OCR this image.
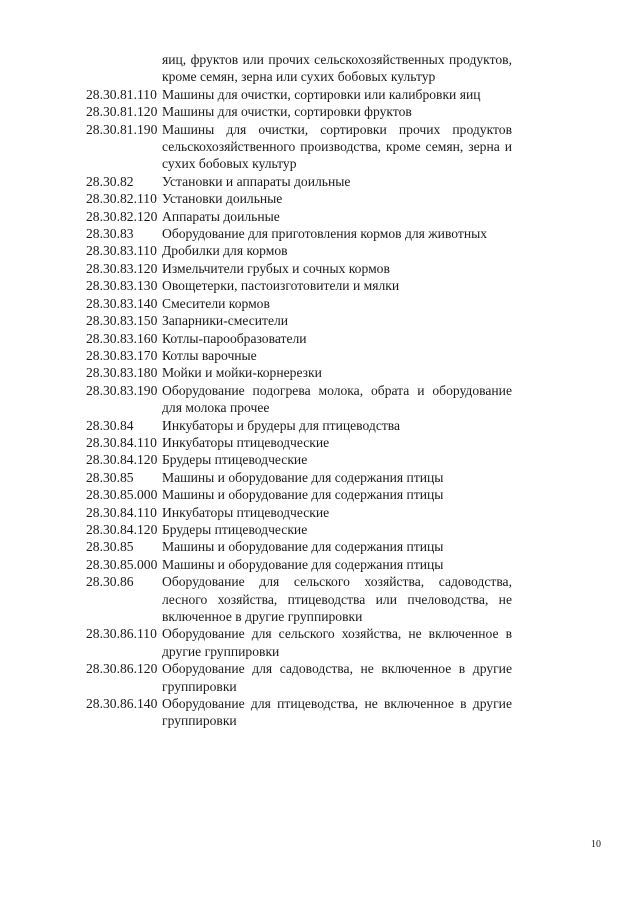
яиц, фруктов или прочих сельскохозяйственных продуктов, кроме семян, зерна или сухих бобовых культур
28.30.81.110 Машины для очистки, сортировки или калибровки яиц
28.30.81.120 Машины для очистки, сортировки фруктов
28.30.81.190 Машины для очистки, сортировки прочих продуктов сельскохозяйственного производства, кроме семян, зерна и сухих бобовых культур
28.30.82	Установки и аппараты доильные
28.30.82.110 Установки доильные
28.30.82.120 Аппараты доильные
28.30.83	Оборудование для приготовления кормов для животных
28.30.83.110 Дробилки для кормов
28.30.83.120 Измельчители грубых и сочных кормов
28.30.83.130 Овощетерки, пастоизготовители и мялки
28.30.83.140 Смесители кормов
28.30.83.150 Запарники-смесители
28.30.83.160 Котлы-парообразователи
28.30.83.170 Котлы варочные
28.30.83.180 Мойки и мойки-корнерезки
28.30.83.190 Оборудование подогрева молока, обрата и оборудование для молока прочее
28.30.84	Инкубаторы и брудеры для птицеводства
28.30.84.110 Инкубаторы птицеводческие
28.30.84.120 Брудеры птицеводческие
28.30.85	Машины и оборудование для содержания птицы
28.30.85.000 Машины и оборудование для содержания птицы
28.30.84.110 Инкубаторы птицеводческие
28.30.84.120 Брудеры птицеводческие
28.30.85	Машины и оборудование для содержания птицы
28.30.85.000 Машины и оборудование для содержания птицы
28.30.86	Оборудование для сельского хозяйства, садоводства, лесного хозяйства, птицеводства или пчеловодства, не включенное в другие группировки
28.30.86.110 Оборудование для сельского хозяйства, не включенное в другие группировки
28.30.86.120 Оборудование для садоводства, не включенное в другие группировки
28.30.86.140 Оборудование для птицеводства, не включенное в другие группировки
10
